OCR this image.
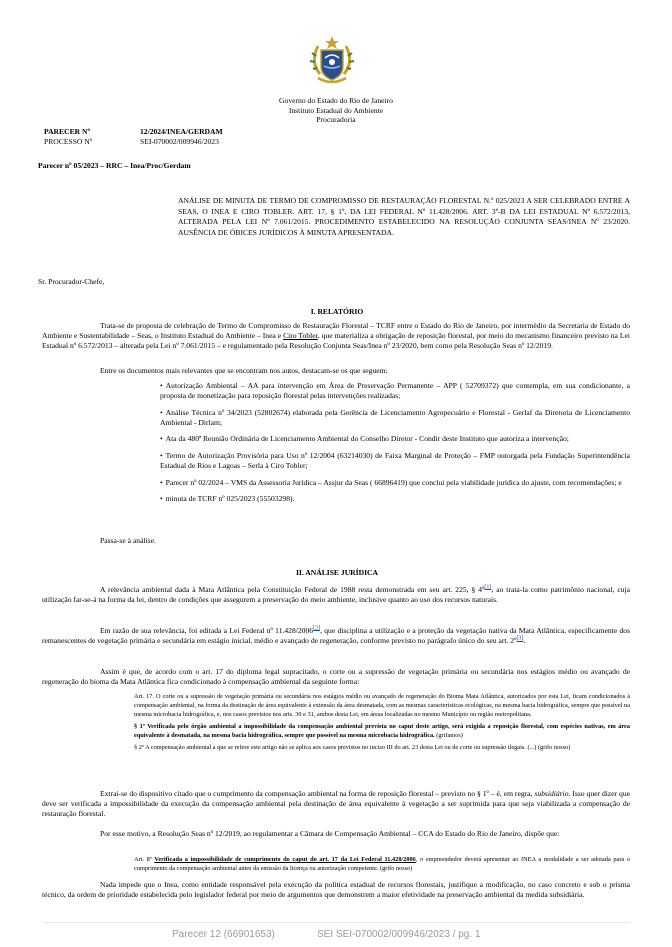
Governo do Estado do Rio de Janeiro
Instituto Estadual do Ambiente
Procuradoria
PARECER Nº	12/2024/INEA/GERDAM
PROCESSO Nº	SEI-070002/009946/2023
Parecer nº 05/2023 – RRC – Inea/Proc/Gerdam
ANÁLISE DE MINUTA DE TERMO DE COMPROMISSO DE RESTAURAÇÃO FLORESTAL N.º 025/2023 A SER CELEBRADO ENTRE A SEAS, O INEA E CIRO TOBLER. ART. 17, § 1º, DA LEI FEDERAL Nº 11.428/2006. ART. 3º-B DA LEI ESTADUAL Nº 6.572/2013, ALTERADA PELA LEI Nº 7.061/2015. PROCEDIMENTO ESTABELECIDO NA RESOLUÇÃO CONJUNTA SEAS/INEA Nº 23/2020. AUSÊNCIA DE ÓBICES JURÍDICOS À MINUTA APRESENTADA.
Sr. Procurador-Chefe,
I. RELATÓRIO
Trata-se de proposta de celebração de Termo de Compromisso de Restauração Florestal – TCRF entre o Estado do Rio de Janeiro, por intermédio da Secretaria de Estado do Ambiente e Sustentabilidade – Seas, o Instituto Estadual do Ambiente – Inea e Ciro Tobler, que materializa a obrigação de reposição florestal, por meio do mecanismo financeiro previsto na Lei Estadual nº 6.572/2013 – alterada pela Lei nº 7.061/2015 – e regulamentado pela Resolução Conjunta Seas/Inea nº 23/2020, bem como pela Resolução Seas nº 12/2019.
Entre os documentos mais relevantes que se encontram nos autos, destacam-se os que seguem:
• Autorização Ambiental – AA para intervenção em Área de Preservação Permanente – APP ( 52709372) que contempla, em sua condicionante, a proposta de monetização para reposição florestal pelas intervenções realizadas;
• Análise Técnica nº 34/2023 (52802674) elaborada pela Gerência de Licenciamento Agropecuário e Florestal - Gerlaf da Diretoria de Licenciamento Ambiental - Dirlam;
• Ata da 480ª Reunião Ordinária de Licenciamento Ambiental do Conselho Diretor - Condir deste Instituto que autoriza a intervenção;
• Termo de Autorização Provisória para Uso nº 12/2004 (63214030) de Faixa Marginal de Proteção – FMP outorgada pela Fundação Superintendência Estadual de Rios e Lagoas – Serla à Ciro Tobler;
• Parecer nº 02/2024 – VMS da Assessoria Jurídica – Assjur da Seas ( 66896419) que conclui pela viabilidade jurídica do ajuste, com recomendações; e
• minuta de TCRF nº 025/2023 (55503298).
Passa-se à análise.
II. ANÁLISE JURÍDICA
A relevância ambiental dada à Mata Atlântica pela Constituição Federal de 1988 resta demonstrada em seu art. 225, § 4º[1], ao trata-la como patrimônio nacional, cuja utilização far-se-á na forma da lei, dentro de condições que assegurem a preservação do meio ambiente, inclusive quanto ao uso dos recursos naturais.
Em razão de sua relevância, foi editada a Lei Federal nº 11.428/2006[2], que disciplina a utilização e a proteção da vegetação nativa da Mata Atlântica, especificamente dos remanescentes de vegetação primária e secundária em estágio inicial, médio e avançado de regeneração, conforme previsto no parágrafo único do seu art. 2º[3].
Assim é que, de acordo com o art. 17 do diploma legal supracitado, o corte ou a supressão de vegetação primária ou secundária nos estágios médio ou avançado de regeneração do bioma da Mata Atlântica fica condicionado à compensação ambiental da seguinte forma:
Art. 17. O corte ou a supressão de vegetação primária ou secundária nos estágios médio ou avançado de regeneração do Bioma Mata Atlântica, autorizados por esta Lei, ficam condicionados à compensação ambiental, na forma da destinação de área equivalente à extensão da área desmatada, com as mesmas características ecológicas, na mesma bacia hidrográfica, sempre que possível na mesma microbacia hidrográfica, e, nos casos previstos nos arts. 30 e 31, ambos desta Lei, em áreas localizadas no mesmo Município ou região metropolitana.
§ 1º Verificada pelo órgão ambiental a impossibilidade da compensação ambiental prevista no caput deste artigo, será exigida a reposição florestal, com espécies nativas, em área equivalente à desmatada, na mesma bacia hidrográfica, sempre que possível na mesma microbacia hidrográfica. (grifamos)
§ 2º A compensação ambiental a que se refere este artigo não se aplica aos casos previstos no inciso III do art. 23 desta Lei ou de corte ou supressão ilegais. (...) (grifo nosso)
Extrai-se do dispositivo citado que o cumprimento da compensação ambiental na forma de reposição florestal – previsto no § 1º – é, em regra, subsidiário. Isso quer dizer que deve ser verificada a impossibilidade da execução da compensação ambiental pela destinação de área equivalente à vegetação a ser suprimida para que seja viabilizada a compensação de restauração florestal.
Por esse motivo, a Resolução Seas nº 12/2019, ao regulamentar a Câmara de Compensação Ambiental – CCA do Estado do Rio de Janeiro, dispõe que:
Art. 8º Verificada a impossibilidade de cumprimento do caput do art. 17 da Lei Federal 11.428/2006, o empreendedor deverá apresentar ao INEA a modalidade a ser adotada para o cumprimento da compensação ambiental antes da emissão da licença ou autorização competente. (grifo nosso)
Nada impede que o Inea, como entidade responsável pela execução da política estadual de recursos florestais, justifique a modificação, no caso concreto e sob o prisma técnico, da ordem de prioridade estabelecida pelo legislador federal por meio de argumentos que demonstrem a maior efetividade na preservação ambiental da medida subsidiária.
Parecer 12 (66901653)	SEI SEI-070002/009946/2023 / pg. 1
